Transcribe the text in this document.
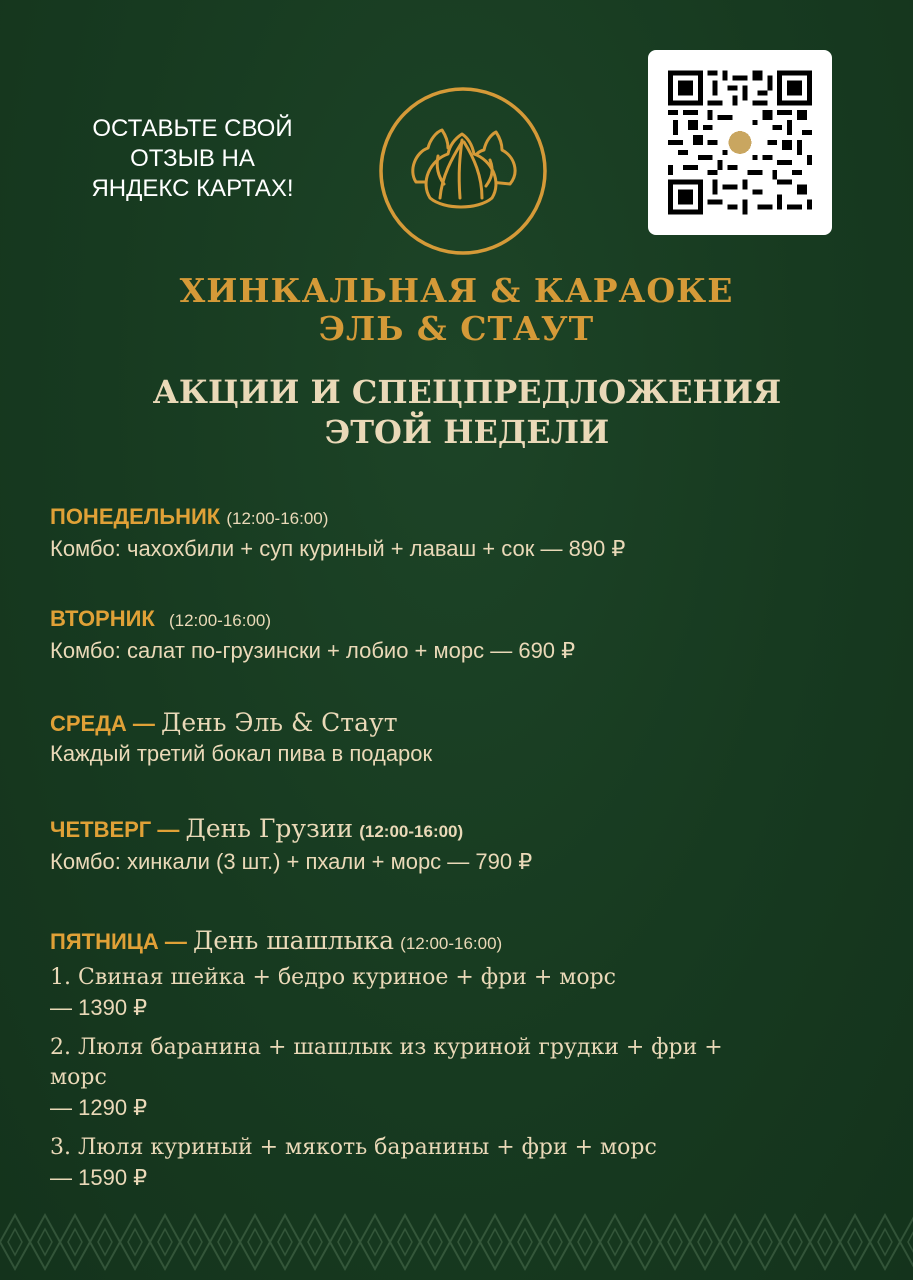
ОСТАВЬТЕ СВОЙ
ОТЗЫВ НА
ЯНДЕКС КАРТАХ!
ХИНКАЛЬНАЯ & КАРАОКЕ
ЭЛЬ & СТАУТ
АКЦИИ И СПЕЦПРЕДЛОЖЕНИЯ
ЭТОЙ НЕДЕЛИ
ПОНЕДЕЛЬНИК (12:00-16:00)
Комбо: чахохбили + суп куриный + лаваш + сок — 890 ₽
ВТОРНИК (12:00-16:00)
Комбо: салат по-грузински + лобио + морс — 690 ₽
СРЕДА — День Эль & Стаут
Каждый третий бокал пива в подарок
ЧЕТВЕРГ — День Грузии (12:00-16:00)
Комбо: хинкали (3 шт.) + пхали + морс — 790 ₽
ПЯТНИЦА — День шашлыка (12:00-16:00)
1. Свиная шейка + бедро куриное + фри + морс
— 1390 ₽
2. Люля баранина + шашлык из куриной грудки + фри +
морс
— 1290 ₽
3. Люля куриный + мякоть баранины + фри + морс
— 1590 ₽
